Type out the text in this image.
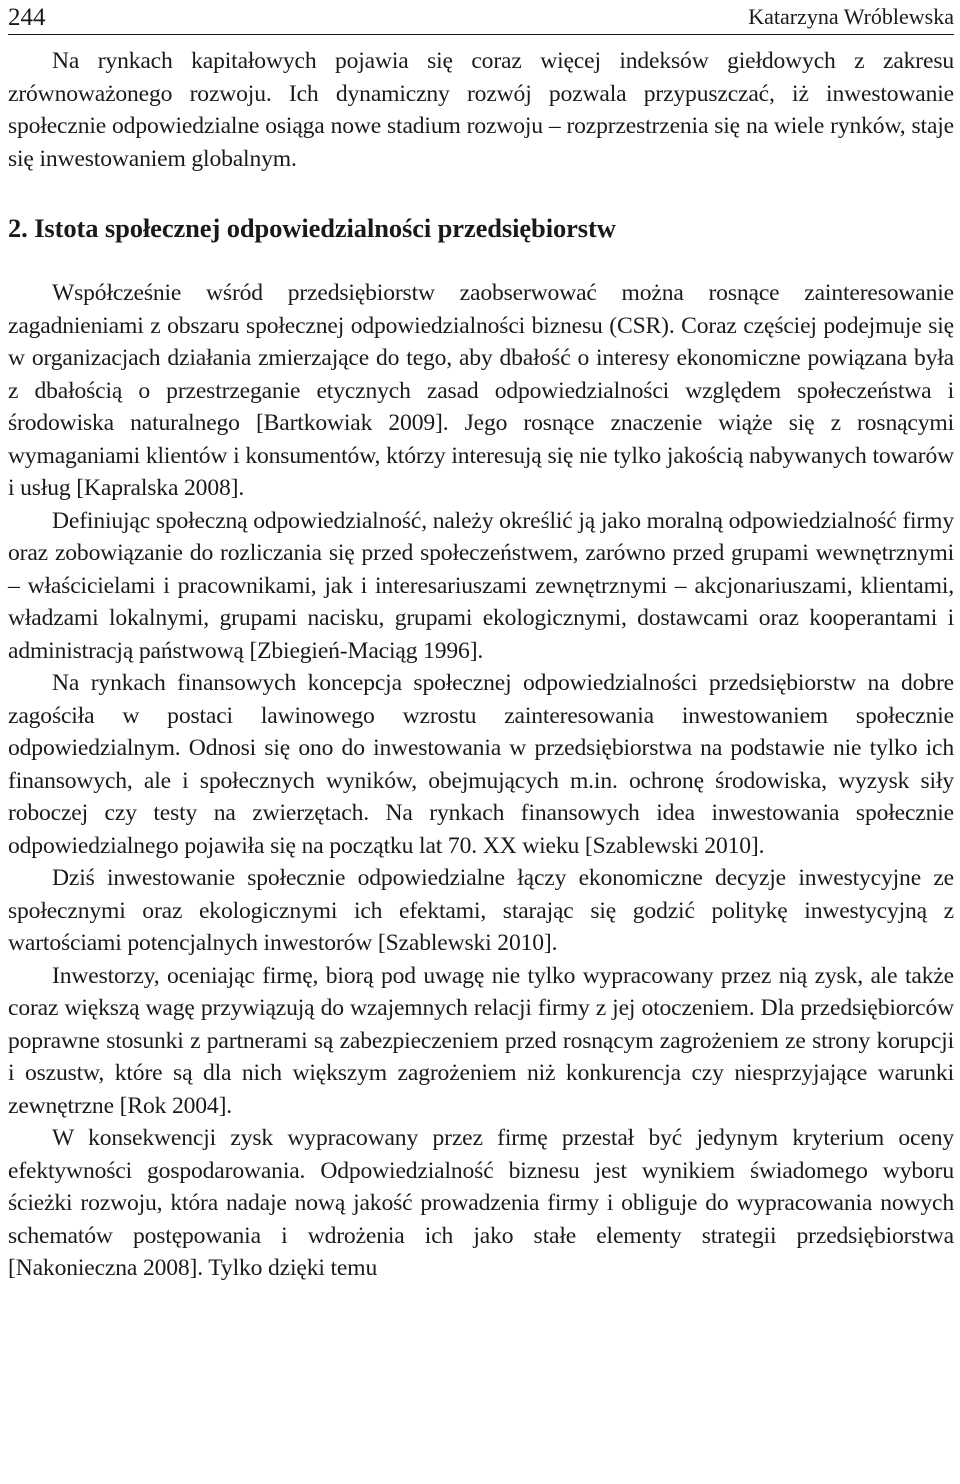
244	Katarzyna Wróblewska

Na rynkach kapitałowych pojawia się coraz więcej indeksów giełdowych z zakresu zrównoważonego rozwoju. Ich dynamiczny rozwój pozwala przypuszczać, iż inwestowanie społecznie odpowiedzialne osiąga nowe stadium rozwoju – rozprzestrzenia się na wiele rynków, staje się inwestowaniem globalnym.

2. Istota społecznej odpowiedzialności przedsiębiorstw

Współcześnie wśród przedsiębiorstw zaobserwować można rosnące zainteresowanie zagadnieniami z obszaru społecznej odpowiedzialności biznesu (CSR). Coraz częściej podejmuje się w organizacjach działania zmierzające do tego, aby dbałość o interesy ekonomiczne powiązana była z dbałością o przestrzeganie etycznych zasad odpowiedzialności względem społeczeństwa i środowiska naturalnego [Bartkowiak 2009]. Jego rosnące znaczenie wiąże się z rosnącymi wymaganiami klientów i konsumentów, którzy interesują się nie tylko jakością nabywanych towarów i usług [Kapralska 2008].

Definiując społeczną odpowiedzialność, należy określić ją jako moralną odpowiedzialność firmy oraz zobowiązanie do rozliczania się przed społeczeństwem, zarówno przed grupami wewnętrznymi – właścicielami i pracownikami, jak i interesariuszami zewnętrznymi – akcjonariuszami, klientami, władzami lokalnymi, grupami nacisku, grupami ekologicznymi, dostawcami oraz kooperantami i administracją państwową [Zbiegień-Maciąg 1996].

Na rynkach finansowych koncepcja społecznej odpowiedzialności przedsiębiorstw na dobre zagościła w postaci lawinowego wzrostu zainteresowania inwestowaniem społecznie odpowiedzialnym. Odnosi się ono do inwestowania w przedsiębiorstwa na podstawie nie tylko ich finansowych, ale i społecznych wyników, obejmujących m.in. ochronę środowiska, wyzysk siły roboczej czy testy na zwierzętach. Na rynkach finansowych idea inwestowania społecznie odpowiedzialnego pojawiła się na początku lat 70. XX wieku [Szablewski 2010].

Dziś inwestowanie społecznie odpowiedzialne łączy ekonomiczne decyzje inwestycyjne ze społecznymi oraz ekologicznymi ich efektami, starając się godzić politykę inwestycyjną z wartościami potencjalnych inwestorów [Szablewski 2010].

Inwestorzy, oceniając firmę, biorą pod uwagę nie tylko wypracowany przez nią zysk, ale także coraz większą wagę przywiązują do wzajemnych relacji firmy z jej otoczeniem. Dla przedsiębiorców poprawne stosunki z partnerami są zabezpieczeniem przed rosnącym zagrożeniem ze strony korupcji i oszustw, które są dla nich większym zagrożeniem niż konkurencja czy niesprzyjające warunki zewnętrzne [Rok 2004].

W konsekwencji zysk wypracowany przez firmę przestał być jedynym kryterium oceny efektywności gospodarowania. Odpowiedzialność biznesu jest wynikiem świadomego wyboru ścieżki rozwoju, która nadaje nową jakość prowadzenia firmy i obliguje do wypracowania nowych schematów postępowania i wdrożenia ich jako stałe elementy strategii przedsiębiorstwa [Nakonieczna 2008]. Tylko dzięki temu
